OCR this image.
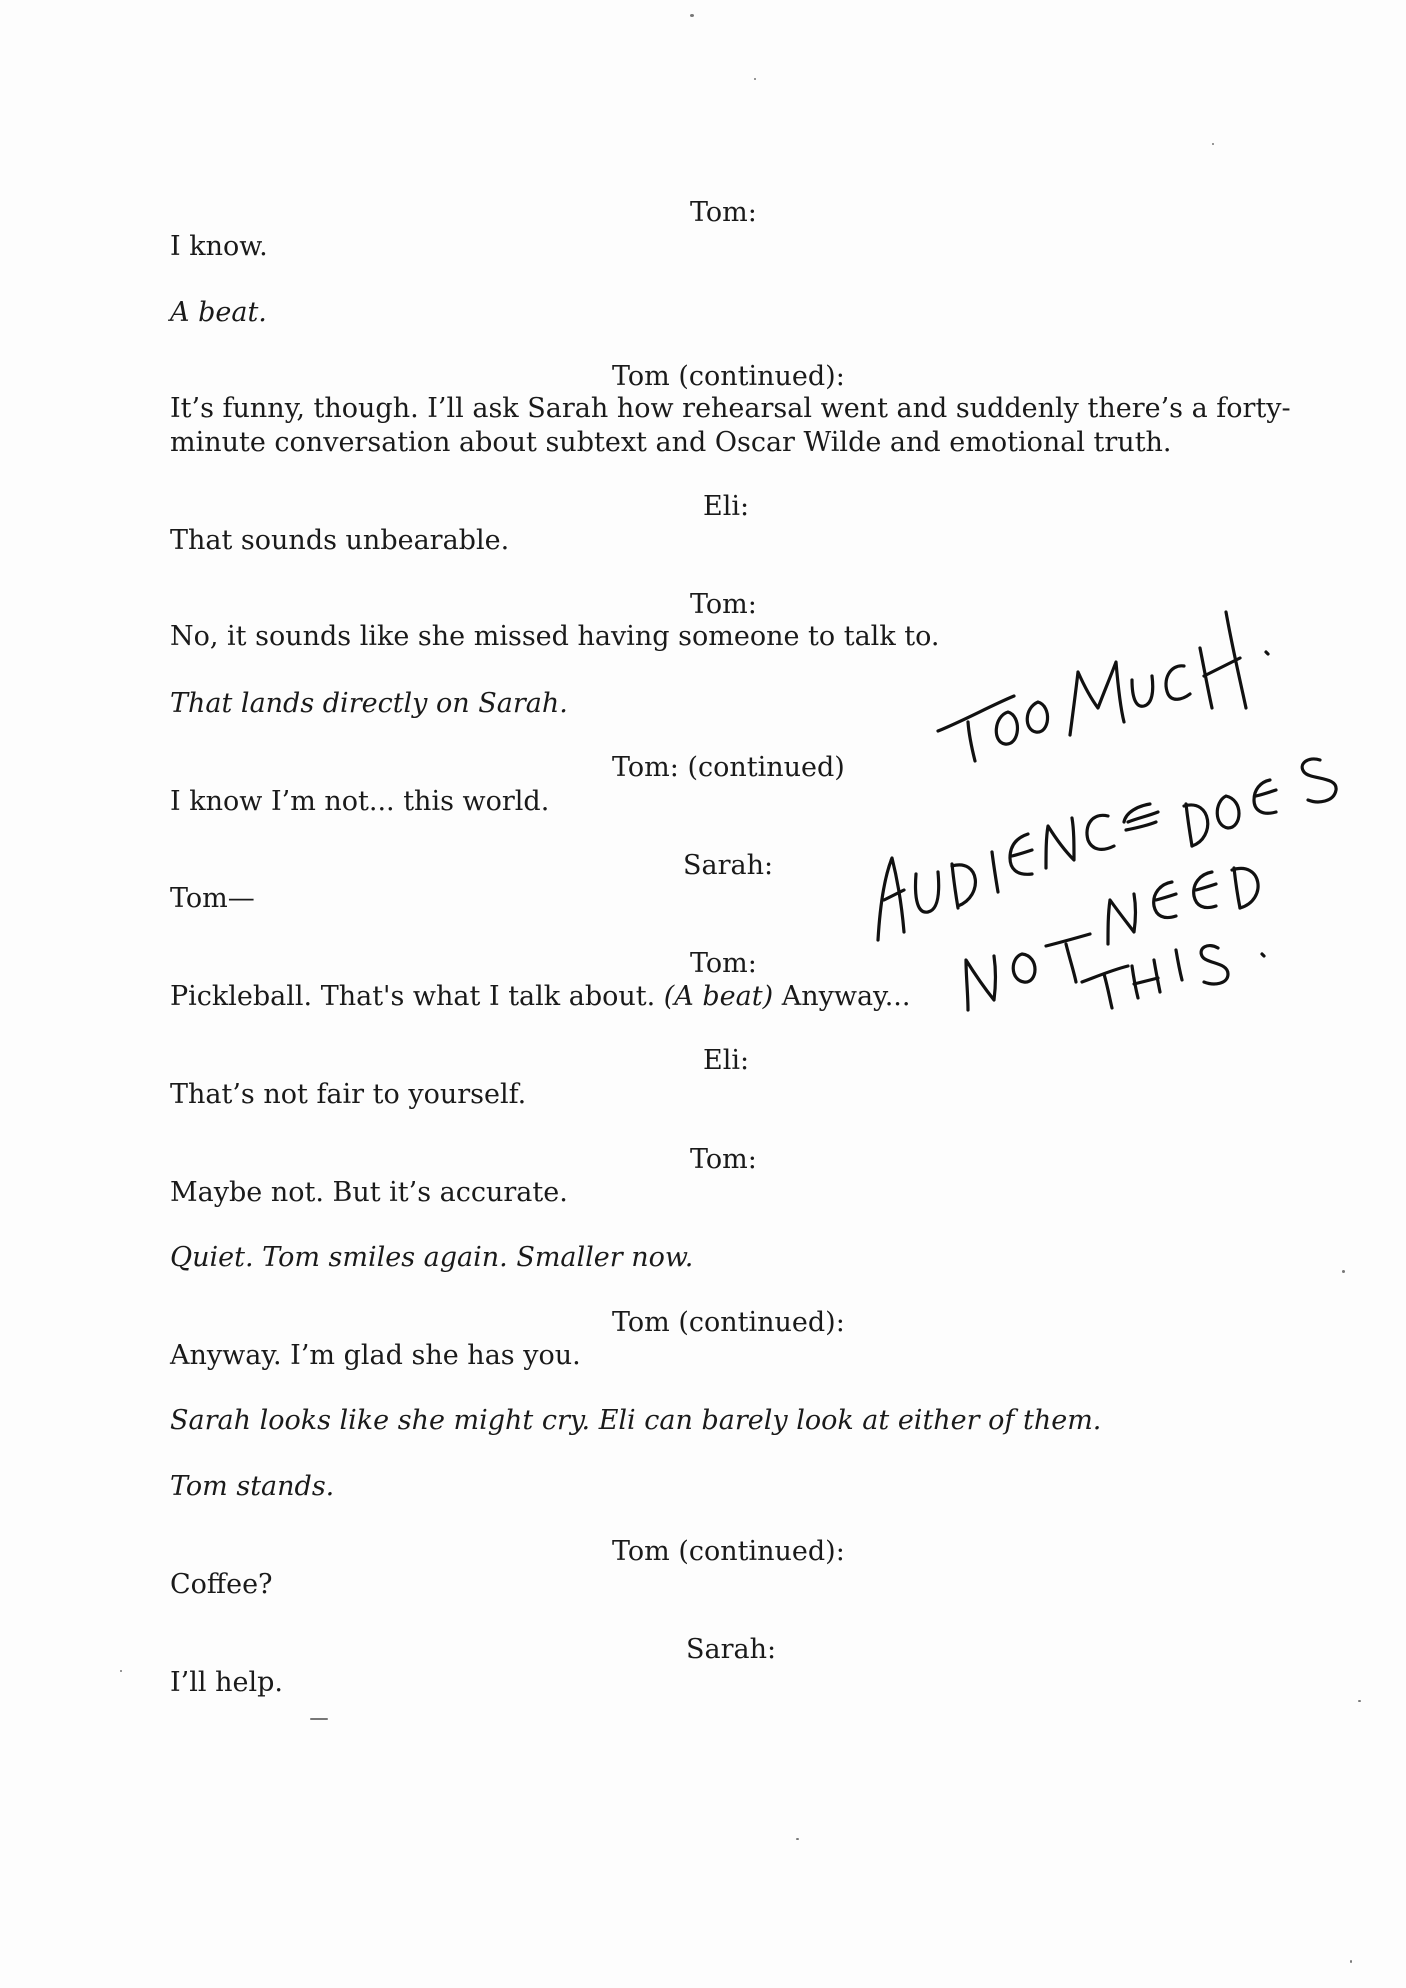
Tom:
I know.
A beat.
Tom (continued):
It’s funny, though. I’ll ask Sarah how rehearsal went and suddenly there’s a forty-minute conversation about subtext and Oscar Wilde and emotional truth.
Eli:
That sounds unbearable.
Tom:
No, it sounds like she missed having someone to talk to.
That lands directly on Sarah.
Tom: (continued)
I know I’m not... this world.
Sarah:
Tom—
Tom:
Pickleball. That's what I talk about. (A beat) Anyway...
Eli:
That’s not fair to yourself.
Tom:
Maybe not. But it’s accurate.
Quiet. Tom smiles again. Smaller now.
Tom (continued):
Anyway. I’m glad she has you.
Sarah looks like she might cry. Eli can barely look at either of them.
Tom stands.
Tom (continued):
Coffee?
Sarah:
I’ll help.
